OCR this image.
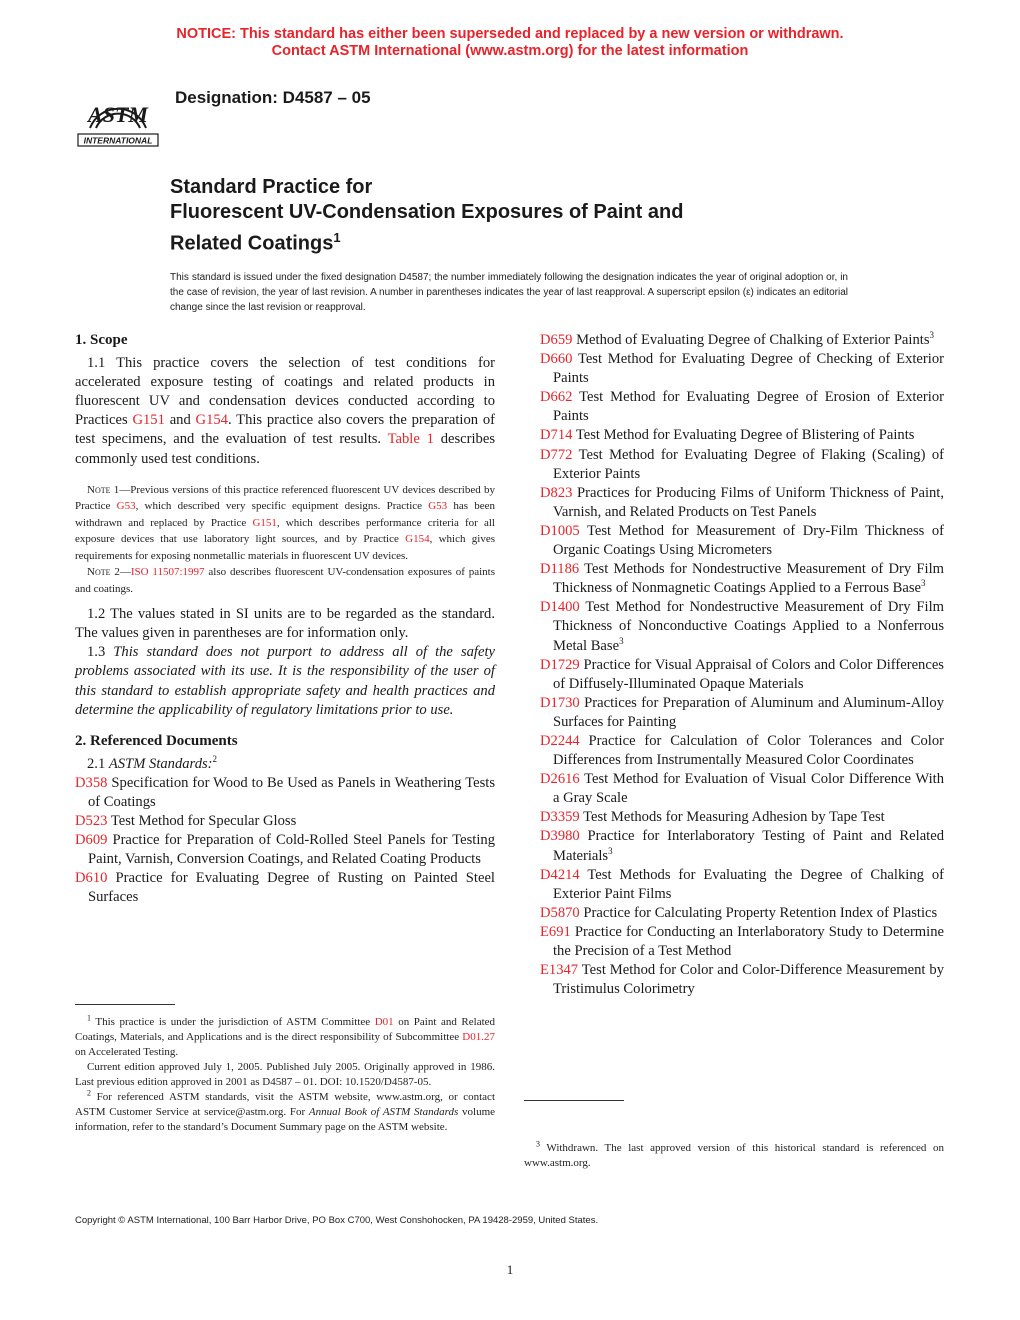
NOTICE: This standard has either been superseded and replaced by a new version or withdrawn.
Contact ASTM International (www.astm.org) for the latest information
ASTM
INTERNATIONAL
Designation: D4587 – 05
Standard Practice for
Fluorescent UV-Condensation Exposures of Paint and
Related Coatings$^1$
This standard is issued under the fixed designation D4587; the number immediately following the designation indicates the year of original adoption or, in the case of revision, the year of last revision. A number in parentheses indicates the year of last reapproval. A superscript epsilon (ε) indicates an editorial change since the last revision or reapproval.
1. Scope

1.1 This practice covers the selection of test conditions for accelerated exposure testing of coatings and related products in fluorescent UV and condensation devices conducted according to Practices G151 and G154. This practice also covers the preparation of test specimens, and the evaluation of test results. Table 1 describes commonly used test conditions.

Note 1—Previous versions of this practice referenced fluorescent UV devices described by Practice G53, which described very specific equipment designs. Practice G53 has been withdrawn and replaced by Practice G151, which describes performance criteria for all exposure devices that use laboratory light sources, and by Practice G154, which gives requirements for exposing nonmetallic materials in fluorescent UV devices.

Note 2—ISO 11507:1997 also describes fluorescent UV-condensation exposures of paints and coatings.

1.2 The values stated in SI units are to be regarded as the standard. The values given in parentheses are for information only.

1.3 This standard does not purport to address all of the safety problems associated with its use. It is the responsibility of the user of this standard to establish appropriate safety and health practices and determine the applicability of regulatory limitations prior to use.

2. Referenced Documents

2.1 ASTM Standards:$^2$

D358 Specification for Wood to Be Used as Panels in Weathering Tests of Coatings

D523 Test Method for Specular Gloss

D609 Practice for Preparation of Cold-Rolled Steel Panels for Testing Paint, Varnish, Conversion Coatings, and Related Coating Products

D610 Practice for Evaluating Degree of Rusting on Painted Steel Surfaces

D659 Method of Evaluating Degree of Chalking of Exterior Paints$^3$

D660 Test Method for Evaluating Degree of Checking of Exterior Paints

D662 Test Method for Evaluating Degree of Erosion of Exterior Paints

D714 Test Method for Evaluating Degree of Blistering of Paints

D772 Test Method for Evaluating Degree of Flaking (Scaling) of Exterior Paints

D823 Practices for Producing Films of Uniform Thickness of Paint, Varnish, and Related Products on Test Panels

D1005 Test Method for Measurement of Dry-Film Thickness of Organic Coatings Using Micrometers

D1186 Test Methods for Nondestructive Measurement of Dry Film Thickness of Nonmagnetic Coatings Applied to a Ferrous Base$^3$

D1400 Test Method for Nondestructive Measurement of Dry Film Thickness of Nonconductive Coatings Applied to a Nonferrous Metal Base$^3$

D1729 Practice for Visual Appraisal of Colors and Color Differences of Diffusely-Illuminated Opaque Materials

D1730 Practices for Preparation of Aluminum and Aluminum-Alloy Surfaces for Painting

D2244 Practice for Calculation of Color Tolerances and Color Differences from Instrumentally Measured Color Coordinates

D2616 Test Method for Evaluation of Visual Color Difference With a Gray Scale

D3359 Test Methods for Measuring Adhesion by Tape Test

D3980 Practice for Interlaboratory Testing of Paint and Related Materials$^3$

D4214 Test Methods for Evaluating the Degree of Chalking of Exterior Paint Films

D5870 Practice for Calculating Property Retention Index of Plastics

E691 Practice for Conducting an Interlaboratory Study to Determine the Precision of a Test Method

E1347 Test Method for Color and Color-Difference Measurement by Tristimulus Colorimetry

$^1$ This practice is under the jurisdiction of ASTM Committee D01 on Paint and Related Coatings, Materials, and Applications and is the direct responsibility of Subcommittee D01.27 on Accelerated Testing.

Current edition approved July 1, 2005. Published July 2005. Originally approved in 1986. Last previous edition approved in 2001 as D4587 – 01. DOI: 10.1520/D4587-05.

$^2$ For referenced ASTM standards, visit the ASTM website, www.astm.org, or contact ASTM Customer Service at service@astm.org. For Annual Book of ASTM Standards volume information, refer to the standard’s Document Summary page on the ASTM website.

$^3$ Withdrawn. The last approved version of this historical standard is referenced on www.astm.org.

Copyright © ASTM International, 100 Barr Harbor Drive, PO Box C700, West Conshohocken, PA 19428-2959, United States.
1
